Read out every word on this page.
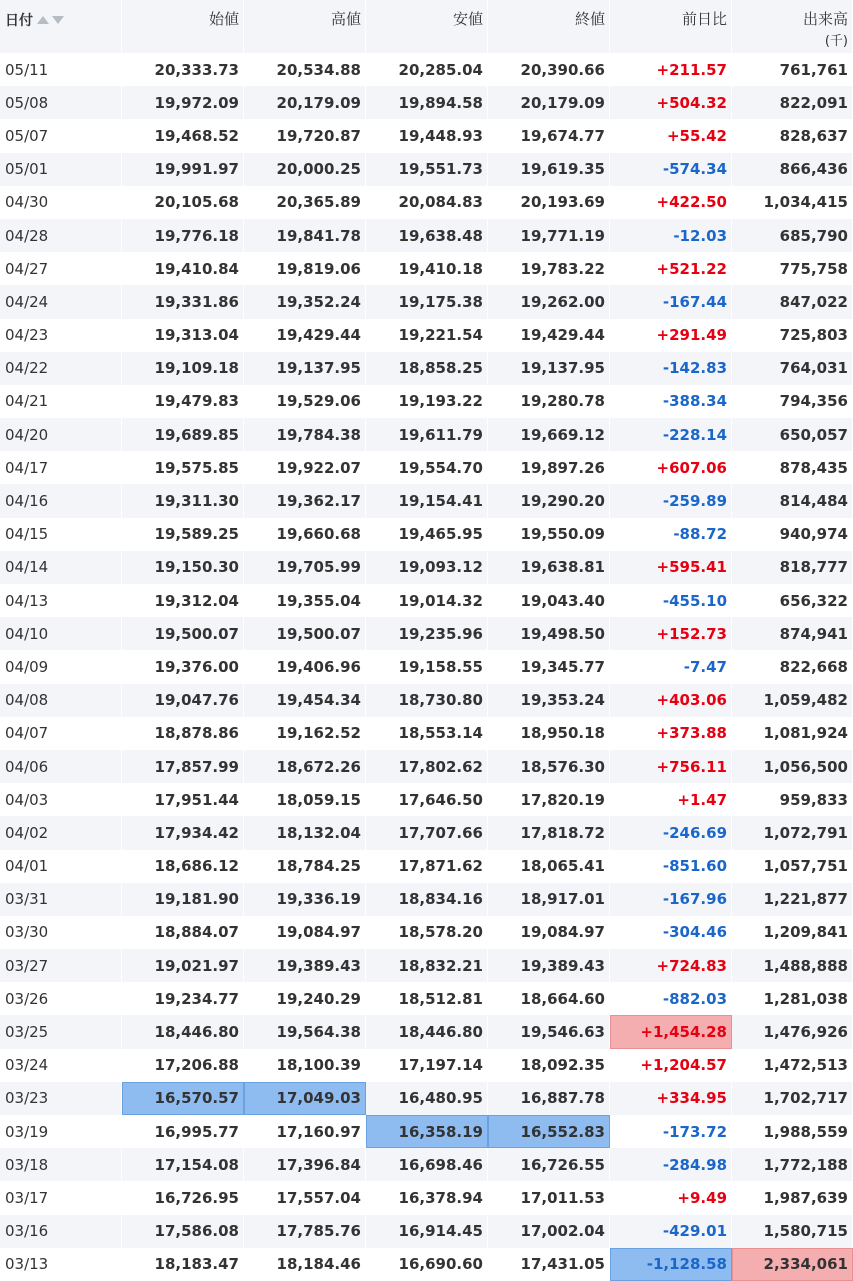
日付	始値	高値	安値	終値	前日比	出来高
(千)

05/11	20,333.73	20,534.88	20,285.04	20,390.66	+211.57	761,761
05/08	19,972.09	20,179.09	19,894.58	20,179.09	+504.32	822,091
05/07	19,468.52	19,720.87	19,448.93	19,674.77	+55.42	828,637
05/01	19,991.97	20,000.25	19,551.73	19,619.35	-574.34	866,436
04/30	20,105.68	20,365.89	20,084.83	20,193.69	+422.50	1,034,415
04/28	19,776.18	19,841.78	19,638.48	19,771.19	-12.03	685,790
04/27	19,410.84	19,819.06	19,410.18	19,783.22	+521.22	775,758
04/24	19,331.86	19,352.24	19,175.38	19,262.00	-167.44	847,022
04/23	19,313.04	19,429.44	19,221.54	19,429.44	+291.49	725,803
04/22	19,109.18	19,137.95	18,858.25	19,137.95	-142.83	764,031
04/21	19,479.83	19,529.06	19,193.22	19,280.78	-388.34	794,356
04/20	19,689.85	19,784.38	19,611.79	19,669.12	-228.14	650,057
04/17	19,575.85	19,922.07	19,554.70	19,897.26	+607.06	878,435
04/16	19,311.30	19,362.17	19,154.41	19,290.20	-259.89	814,484
04/15	19,589.25	19,660.68	19,465.95	19,550.09	-88.72	940,974
04/14	19,150.30	19,705.99	19,093.12	19,638.81	+595.41	818,777
04/13	19,312.04	19,355.04	19,014.32	19,043.40	-455.10	656,322
04/10	19,500.07	19,500.07	19,235.96	19,498.50	+152.73	874,941
04/09	19,376.00	19,406.96	19,158.55	19,345.77	-7.47	822,668
04/08	19,047.76	19,454.34	18,730.80	19,353.24	+403.06	1,059,482
04/07	18,878.86	19,162.52	18,553.14	18,950.18	+373.88	1,081,924
04/06	17,857.99	18,672.26	17,802.62	18,576.30	+756.11	1,056,500
04/03	17,951.44	18,059.15	17,646.50	17,820.19	+1.47	959,833
04/02	17,934.42	18,132.04	17,707.66	17,818.72	-246.69	1,072,791
04/01	18,686.12	18,784.25	17,871.62	18,065.41	-851.60	1,057,751
03/31	19,181.90	19,336.19	18,834.16	18,917.01	-167.96	1,221,877
03/30	18,884.07	19,084.97	18,578.20	19,084.97	-304.46	1,209,841
03/27	19,021.97	19,389.43	18,832.21	19,389.43	+724.83	1,488,888
03/26	19,234.77	19,240.29	18,512.81	18,664.60	-882.03	1,281,038
03/25	18,446.80	19,564.38	18,446.80	19,546.63	+1,454.28	1,476,926
03/24	17,206.88	18,100.39	17,197.14	18,092.35	+1,204.57	1,472,513
03/23	16,570.57	17,049.03	16,480.95	16,887.78	+334.95	1,702,717
03/19	16,995.77	17,160.97	16,358.19	16,552.83	-173.72	1,988,559
03/18	17,154.08	17,396.84	16,698.46	16,726.55	-284.98	1,772,188
03/17	16,726.95	17,557.04	16,378.94	17,011.53	+9.49	1,987,639
03/16	17,586.08	17,785.76	16,914.45	17,002.04	-429.01	1,580,715
03/13	18,183.47	18,184.46	16,690.60	17,431.05	-1,128.58	2,334,061
